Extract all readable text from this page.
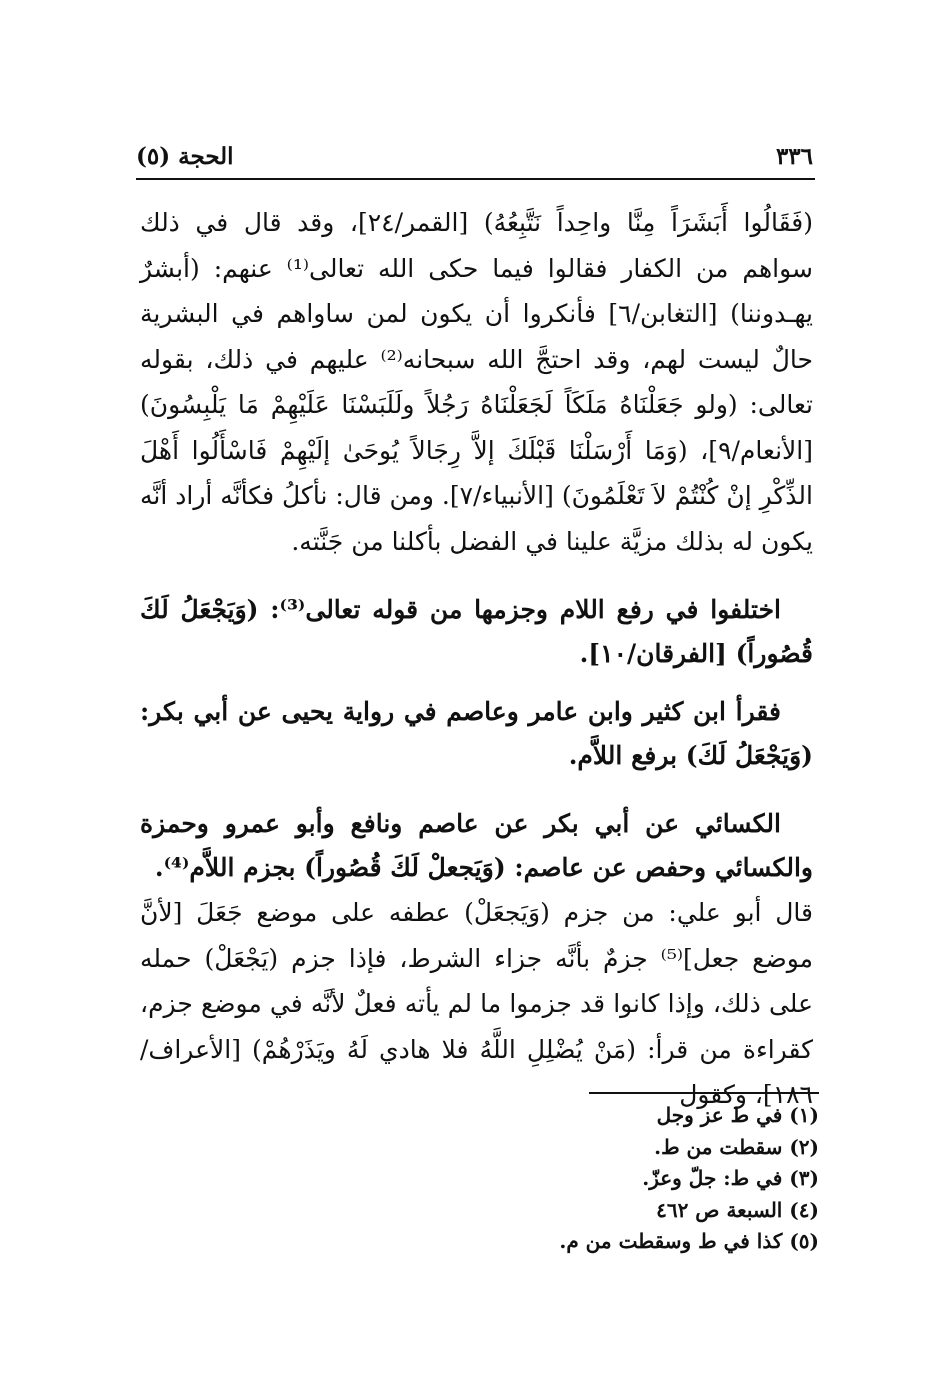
٣٣٦
الحجة (٥)

(فَقَالُوا أَبَشَرَاً مِنَّا واحِداً نَتَّبِعُهُ) [القمر/٢٤]، وقد قال في ذلك سواهم من الكفار فقالوا فيما حكى الله تعالى⁽¹⁾ عنهم: (أبشرٌ يهـدوننا) [التغابن/٦] فأنكروا أن يكون لمن ساواهم في البشرية حالٌ ليست لهم، وقد احتجَّ الله سبحانه⁽²⁾ عليهم في ذلك، بقوله تعالى: (ولو جَعَلْنَاهُ مَلَكَاً لَجَعَلْنَاهُ رَجُلاً ولَلَبَسْنَا عَلَيْهِمْ مَا يَلْبِسُونَ) [الأنعام/٩]، (وَمَا أَرْسَلْنَا قَبْلَكَ إلاَّ رِجَالاً يُوحَىٰ إلَيْهِمْ فَاسْأَلُوا أَهْلَ الذِّكْرِ إنْ كُنْتُمْ لاَ تَعْلَمُونَ) [الأنبياء/٧]. ومن قال: نأكلُ فكأنَّه أراد أنَّه يكون له بذلك مزيَّة علينا في الفضل بأكلنا من جَنَّته.

اختلفوا في رفع اللام وجزمها من قوله تعالى⁽³⁾: (وَيَجْعَلُ لَكَ قُصُوراً) [الفرقان/١٠].

فقرأ ابن كثير وابن عامر وعاصم في رواية يحيى عن أبي بكر: (وَيَجْعَلُ لَكَ) برفع اللاَّم.

الكسائي عن أبي بكر عن عاصم ونافع وأبو عمرو وحمزة والكسائي وحفص عن عاصم: (وَيَجعلْ لَكَ قُصُوراً) بجزم اللاَّم⁽⁴⁾.

قال أبو علي: من جزم (وَيَجعَلْ) عطفه على موضع جَعَلَ [لأنَّ موضع جعل]⁽⁵⁾ جزمٌ بأنَّه جزاء الشرط، فإذا جزم (يَجْعَلْ) حمله على ذلك، وإذا كانوا قد جزموا ما لم يأته فعلٌ لأنَّه في موضع جزم، كقراءة من قرأ: (مَنْ يُضْلِلِ اللَّهُ فلا هادي لَهُ ويَذَرْهُمْ) [الأعراف/١٨٦]، وكقول

(١) في ط عز وجل

(٢) سقطت من ط.

(٣) في ط: جلّ وعزّ.

(٤) السبعة ص ٤٦٢

(٥) كذا في ط وسقطت من م.
